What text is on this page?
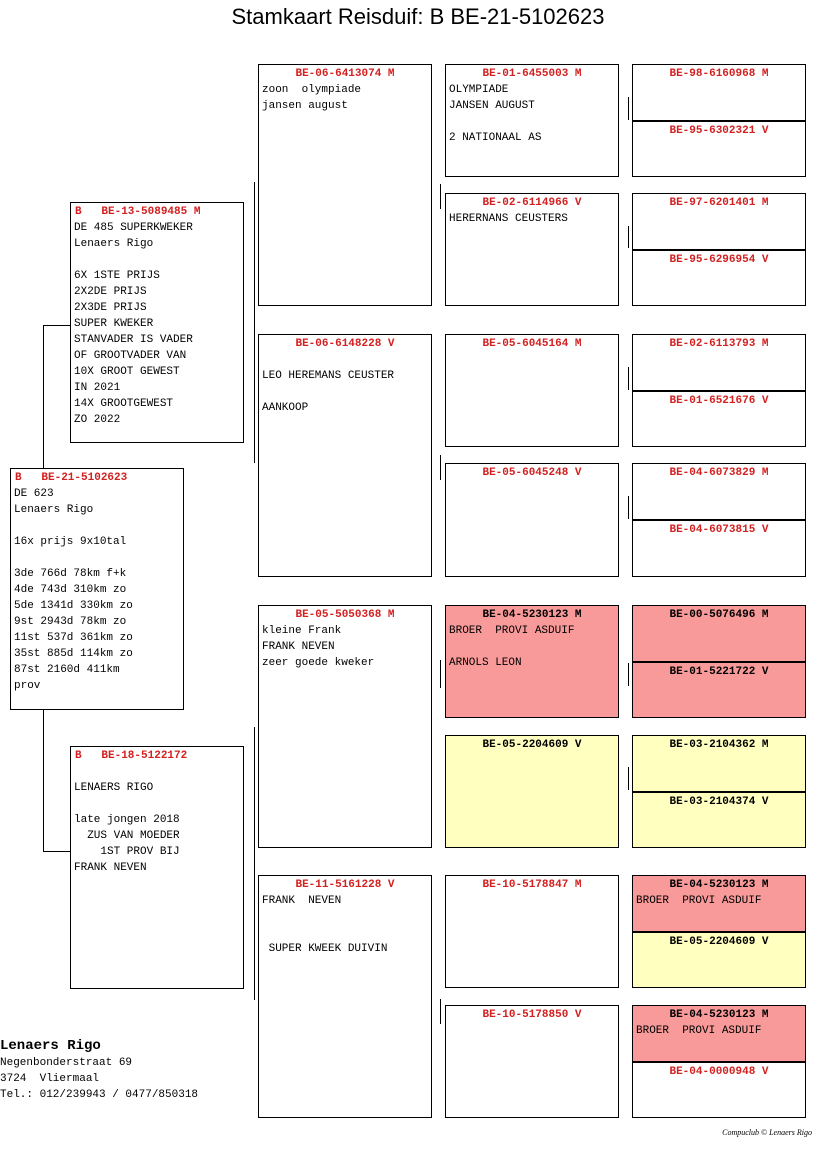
Stamkaart Reisduif: B BE-21-5102623
B   BE-21-5102623
DE 623
Lenaers Rigo

16x prijs 9x10tal

3de 766d 78km f+k
4de 743d 310km zo
5de 1341d 330km zo
9st 2943d 78km zo
11st 537d 361km zo
35st 885d 114km zo
87st 2160d 411km
prov
B   BE-13-5089485 M
DE 485 SUPERKWEKER
Lenaers Rigo

6X 1STE PRIJS
2X2DE PRIJS
2X3DE PRIJS
SUPER KWEKER
STANVADER IS VADER
OF GROOTVADER VAN
10X GROOT GEWEST
IN 2021
14X GROOTGEWEST
ZO 2022
B   BE-18-5122172

LENAERS RIGO

late jongen 2018
ZUS VAN MOEDER
1ST PROV BIJ
FRANK NEVEN
BE-06-6413074 M
zoon  olympiade
jansen august
BE-06-6148228 V

LEO HEREMANS CEUSTER

AANKOOP
BE-05-5050368 M
kleine Frank
FRANK NEVEN
zeer goede kweker
BE-11-5161228 V
FRANK  NEVEN

SUPER KWEEK DUIVIN
BE-01-6455003 M
OLYMPIADE
JANSEN AUGUST

2 NATIONAAL AS
BE-02-6114966 V
HERERNANS CEUSTERS
BE-05-6045164 M
BE-05-6045248 V
BE-04-5230123 M
BROER  PROVI ASDUIF

ARNOLS LEON
BE-05-2204609 V
BE-10-5178847 M
BE-10-5178850 V
BE-98-6160968 M
BE-95-6302321 V
BE-97-6201401 M
BE-95-6296954 V
BE-02-6113793 M
BE-01-6521676 V
BE-04-6073829 M
BE-04-6073815 V
BE-00-5076496 M
BE-01-5221722 V
BE-03-2104362 M
BE-03-2104374 V
BE-04-5230123 M
BROER  PROVI ASDUIF
BE-05-2204609 V
BE-04-5230123 M
BROER  PROVI ASDUIF
BE-04-0000948 V
Lenaers Rigo
Negenbonderstraat 69
3724  Vliermaal
Tel.: 012/239943 / 0477/850318
Compuclub © Lenaers Rigo
